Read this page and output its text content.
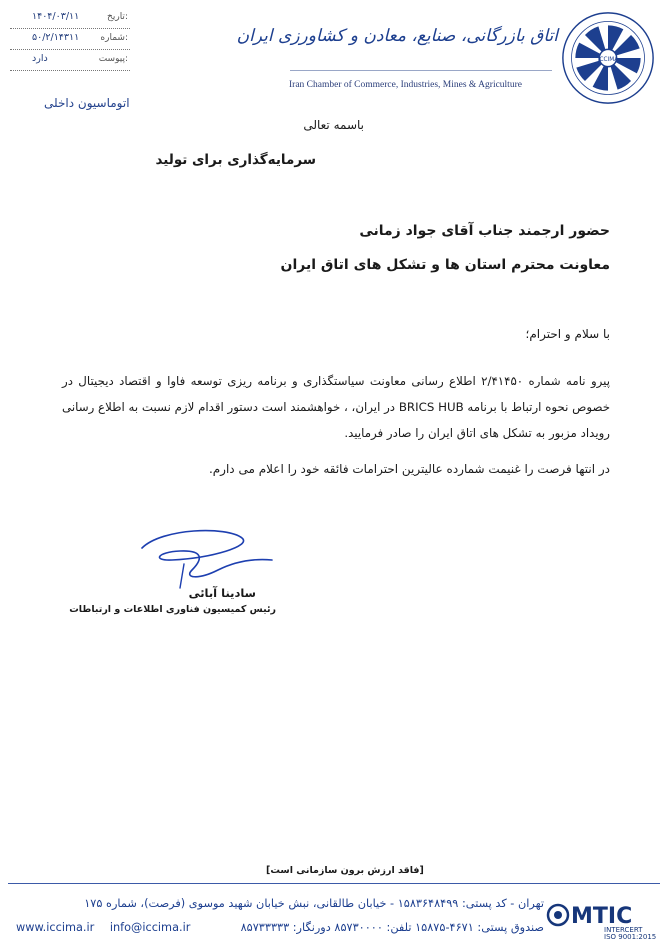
۱۴۰۴/۰۳/۱۱	تاریخ:
۵۰/۲/۱۴۳۱۱ شماره:
دارد	پیوست:
اتوماسیون داخلی
اتاق بازرگانی، صنایع، معادن و کشاورزی ایران
Iran Chamber of Commerce, Industries, Mines & Agriculture
ICCIMA
باسمه تعالی
سرمایه‌گذاری برای تولید
حضور ارجمند جناب آقای جواد زمانی
معاونت محترم استان ها و تشکل های اتاق ایران
با سلام و احترام؛
پیرو نامه شماره ۲/۴۱۴۵۰ اطلاع رسانی معاونت سیاستگذاری و برنامه ریزی توسعه فاوا و اقتصاد دیجیتال در خصوص نحوه ارتباط با برنامه BRICS HUB در ایران، ، خواهشمند است دستور اقدام لازم نسبت به اطلاع رسانی رویداد مزبور به تشکل های اتاق ایران را صادر فرمایید.
در انتها فرصت را غنیمت شمارده عالیترین احترامات فائقه خود را اعلام می دارم.
سادینا آبائی
رئیس کمیسیون فناوری اطلاعات و ارتباطات
[فاقد ارزش برون سازمانی است]
تهران - کد پستی: ۱۵۸۳۶۴۸۴۹۹ - خیابان طالقانی، نبش خیابان شهید موسوی (فرصت)، شماره ۱۷۵
www.iccima.ir info@iccima.ir	صندوق پستی: ۴۶۷۱-۱۵۸۷۵ تلفن: ۸۵۷۳۰۰۰۰ دورنگار: ۸۵۷۳۳۳۳۳ MTIC
INTERCERT
ISO 9001:2015
